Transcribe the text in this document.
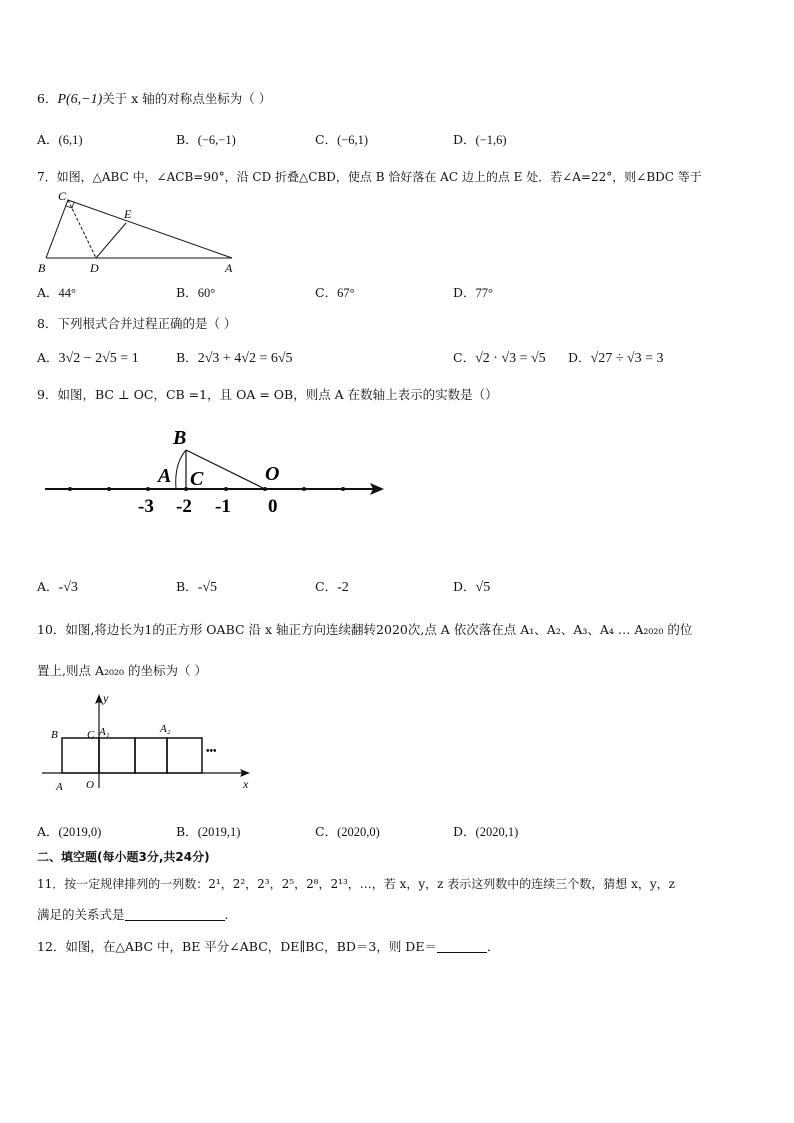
6．P(6,−1)关于 x 轴的对称点坐标为（ ）
A．(6,1)	B．(−6,−1)	C．(−6,1)	D．(−1,6)
7．如图，△ABC 中，∠ACB=90°，沿 CD 折叠△CBD，使点 B 恰好落在 AC 边上的点 E 处．若∠A=22°，则∠BDC 等于
C
E
B	D	A
A．44°	B．60°	C．67°	D．77°
8．下列根式合并过程正确的是（ ）
A．3√2 − 2√5 = 1	B．2√3 + 4√2 = 6√5	C．√2 · √3 = √5 D．√27 ÷ √3 = 3
9．如图，BC ⊥ OC，CB =1，且 OA = OB，则点 A 在数轴上表示的实数是（）
B
A C	O
-3 -2 -1 0
A．-√3	B．-√5	C．-2	D．√5
10．如图,将边长为1的正方形 OABC 沿 x 轴正方向连续翻转2020次,点 A 依次落在点 A₁、A₂、A₃、A₄ … A₂₀₂₀ 的位
置上,则点 A₂₀₂₀ 的坐标为（ ）
y
x
B	C A₁	A₂
O
A
•••
A．(2019,0)	B．(2019,1)	C．(2020,0)	D．(2020,1)
二、填空题(每小题3分,共24分)
11．按一定规律排列的一列数：2¹，2²，2³，2⁵，2⁸，2¹³，…，若 x，y，z 表示这列数中的连续三个数，猜想 x，y，z
满足的关系式是	.
12．如图，在△ABC 中，BE 平分∠ABC，DE∥BC，BD＝3，则 DE＝	．
